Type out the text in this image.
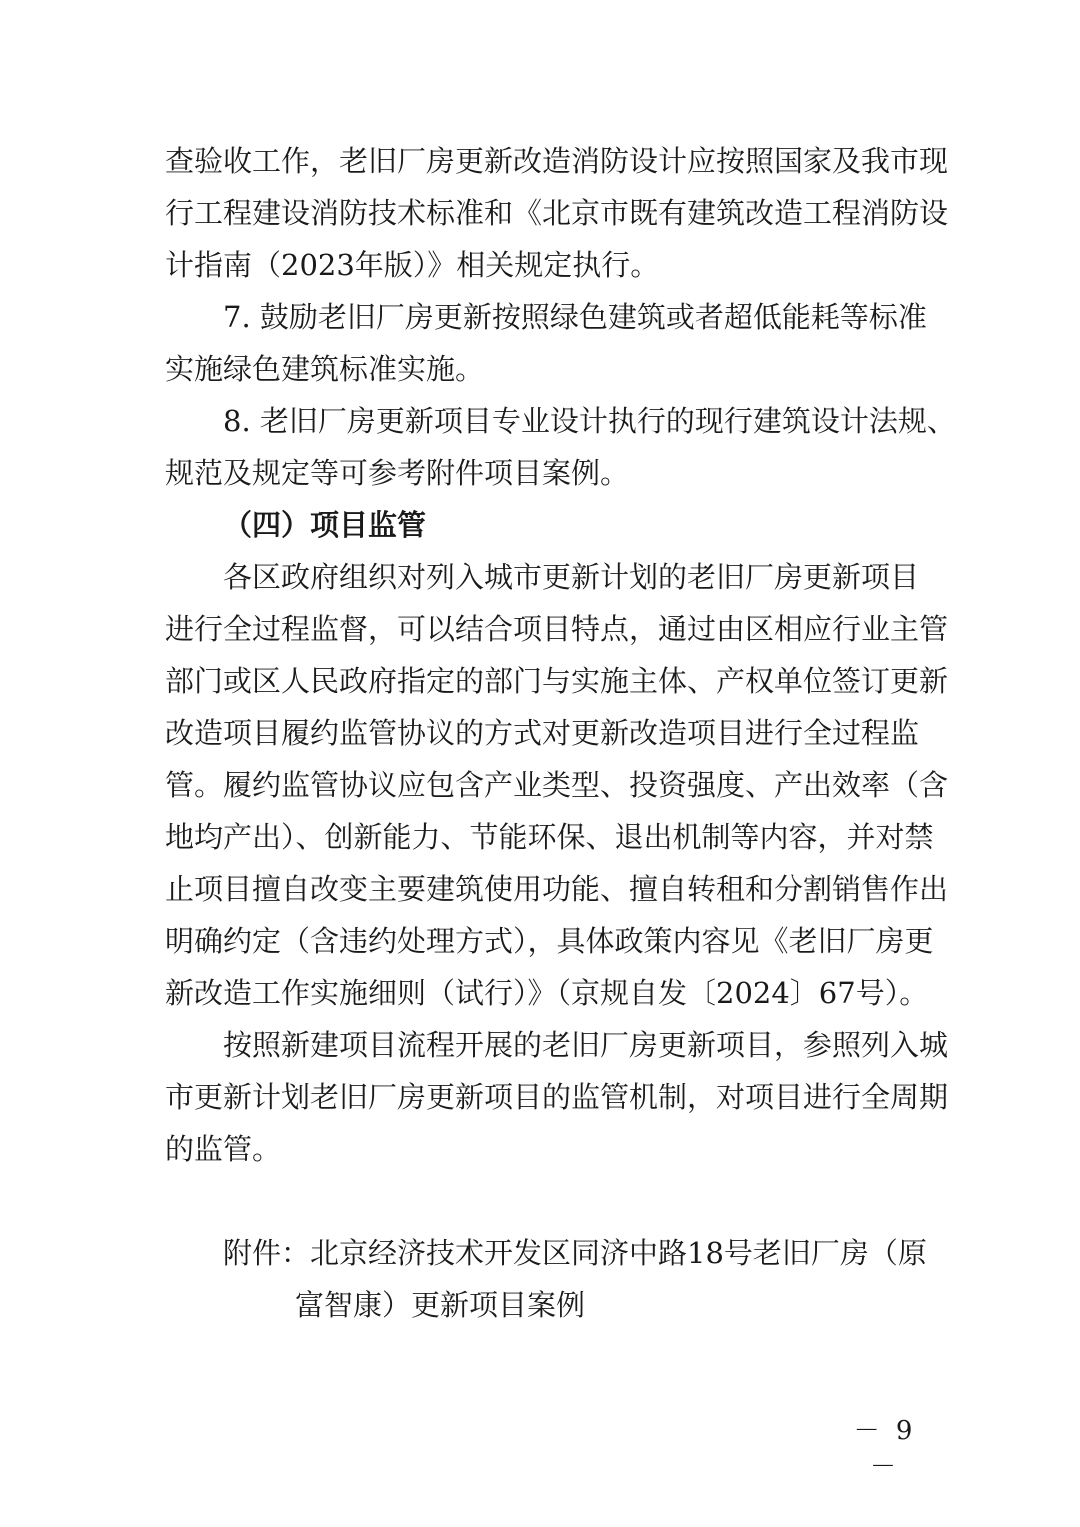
查验收工作，老旧厂房更新改造消防设计应按照国家及我市现
行工程建设消防技术标准和《北京市既有建筑改造工程消防设
计指南（2023年版）》相关规定执行。
7. 鼓励老旧厂房更新按照绿色建筑或者超低能耗等标准
实施绿色建筑标准实施。
8. 老旧厂房更新项目专业设计执行的现行建筑设计法规、
规范及规定等可参考附件项目案例。
（四）项目监管
各区政府组织对列入城市更新计划的老旧厂房更新项目
进行全过程监督，可以结合项目特点，通过由区相应行业主管
部门或区人民政府指定的部门与实施主体、产权单位签订更新
改造项目履约监管协议的方式对更新改造项目进行全过程监
管。履约监管协议应包含产业类型、投资强度、产出效率（含
地均产出）、创新能力、节能环保、退出机制等内容，并对禁
止项目擅自改变主要建筑使用功能、擅自转租和分割销售作出
明确约定（含违约处理方式），具体政策内容见《老旧厂房更
新改造工作实施细则（试行）》（京规自发〔2024〕67号）。
按照新建项目流程开展的老旧厂房更新项目，参照列入城
市更新计划老旧厂房更新项目的监管机制，对项目进行全周期
的监管。
附件：北京经济技术开发区同济中路18号老旧厂房（原
富智康）更新项目案例
－ 9 －
